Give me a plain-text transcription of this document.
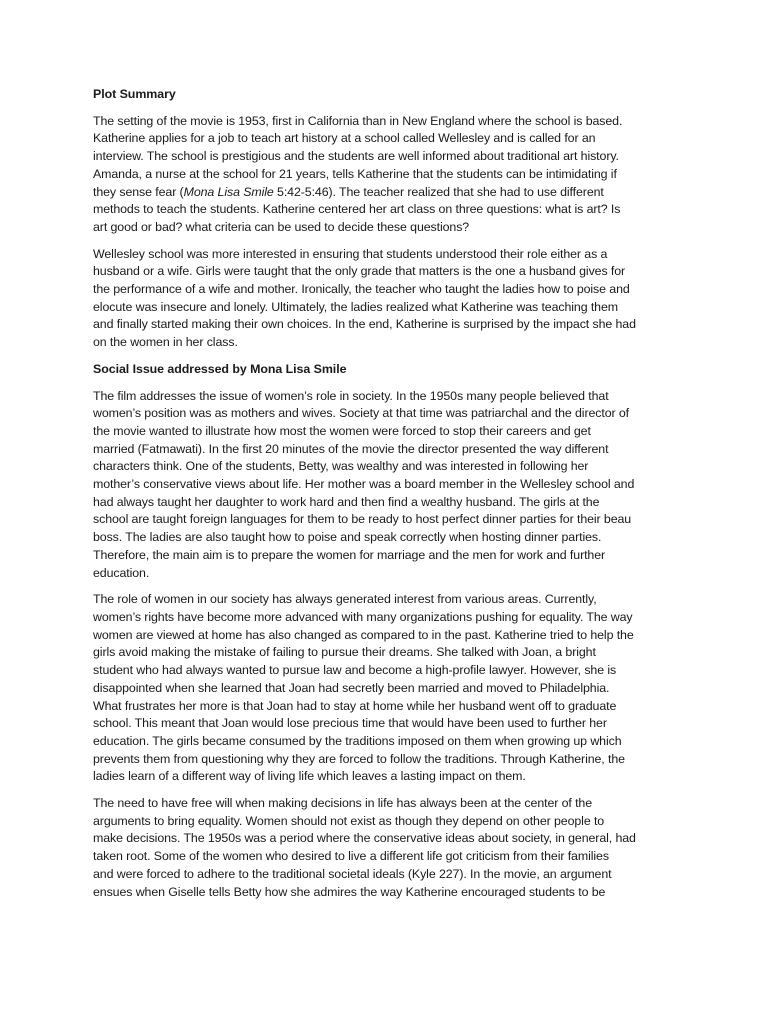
Plot Summary
The setting of the movie is 1953, first in California than in New England where the school is based.
Katherine applies for a job to teach art history at a school called Wellesley and is called for an
interview. The school is prestigious and the students are well informed about traditional art history.
Amanda, a nurse at the school for 21 years, tells Katherine that the students can be intimidating if
they sense fear (Mona Lisa Smile 5:42-5:46). The teacher realized that she had to use different
methods to teach the students. Katherine centered her art class on three questions: what is art? Is
art good or bad? what criteria can be used to decide these questions?
Wellesley school was more interested in ensuring that students understood their role either as a
husband or a wife. Girls were taught that the only grade that matters is the one a husband gives for
the performance of a wife and mother. Ironically, the teacher who taught the ladies how to poise and
elocute was insecure and lonely. Ultimately, the ladies realized what Katherine was teaching them
and finally started making their own choices. In the end, Katherine is surprised by the impact she had
on the women in her class.
Social Issue addressed by Mona Lisa Smile
The film addresses the issue of women’s role in society. In the 1950s many people believed that
women’s position was as mothers and wives. Society at that time was patriarchal and the director of
the movie wanted to illustrate how most the women were forced to stop their careers and get
married (Fatmawati). In the first 20 minutes of the movie the director presented the way different
characters think. One of the students, Betty, was wealthy and was interested in following her
mother’s conservative views about life. Her mother was a board member in the Wellesley school and
had always taught her daughter to work hard and then find a wealthy husband. The girls at the
school are taught foreign languages for them to be ready to host perfect dinner parties for their beau
boss. The ladies are also taught how to poise and speak correctly when hosting dinner parties.
Therefore, the main aim is to prepare the women for marriage and the men for work and further
education.
The role of women in our society has always generated interest from various areas. Currently,
women’s rights have become more advanced with many organizations pushing for equality. The way
women are viewed at home has also changed as compared to in the past. Katherine tried to help the
girls avoid making the mistake of failing to pursue their dreams. She talked with Joan, a bright
student who had always wanted to pursue law and become a high-profile lawyer. However, she is
disappointed when she learned that Joan had secretly been married and moved to Philadelphia.
What frustrates her more is that Joan had to stay at home while her husband went off to graduate
school. This meant that Joan would lose precious time that would have been used to further her
education. The girls became consumed by the traditions imposed on them when growing up which
prevents them from questioning why they are forced to follow the traditions. Through Katherine, the
ladies learn of a different way of living life which leaves a lasting impact on them.
The need to have free will when making decisions in life has always been at the center of the
arguments to bring equality. Women should not exist as though they depend on other people to
make decisions. The 1950s was a period where the conservative ideas about society, in general, had
taken root. Some of the women who desired to live a different life got criticism from their families
and were forced to adhere to the traditional societal ideals (Kyle 227). In the movie, an argument
ensues when Giselle tells Betty how she admires the way Katherine encouraged students to be
